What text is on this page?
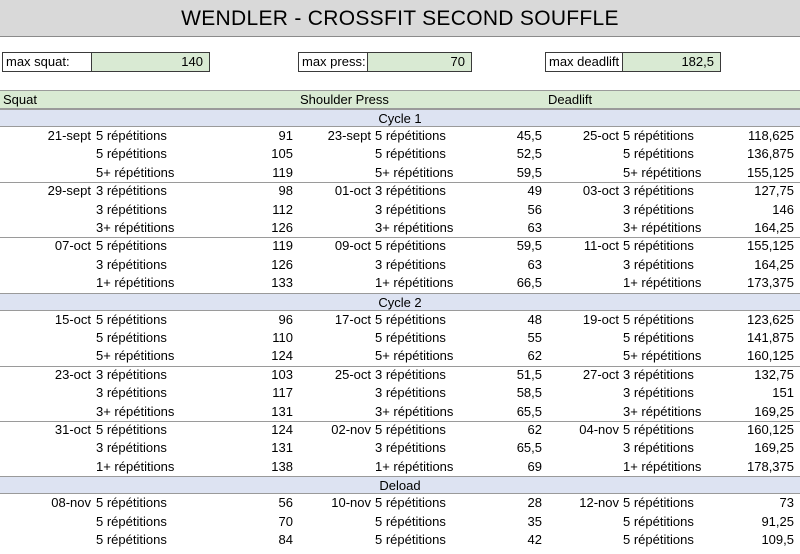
WENDLER - CROSSFIT SECOND SOUFFLE
max squat:	140	max press:	70	max deadlift	182,5
Squat	Shoulder Press	Deadlift
Cycle 1
21-sept 5 répétitions	91	23-sept 5 répétitions	45,5	25-oct 5 répétitions	118,625
5 répétitions	105	5 répétitions	52,5	5 répétitions	136,875
5+ répétitions	119	5+ répétitions	59,5	5+ répétitions	155,125
29-sept 3 répétitions	98	01-oct 3 répétitions	49	03-oct 3 répétitions	127,75
3 répétitions	112	3 répétitions	56	3 répétitions	146
3+ répétitions	126	3+ répétitions	63	3+ répétitions	164,25
07-oct 5 répétitions	119	09-oct 5 répétitions	59,5	11-oct 5 répétitions	155,125
3 répétitions	126	3 répétitions	63	3 répétitions	164,25
1+ répétitions	133	1+ répétitions	66,5	1+ répétitions	173,375
Cycle 2
15-oct 5 répétitions	96	17-oct 5 répétitions	48	19-oct 5 répétitions	123,625
5 répétitions	110	5 répétitions	55	5 répétitions	141,875
5+ répétitions	124	5+ répétitions	62	5+ répétitions	160,125
23-oct 3 répétitions	103	25-oct 3 répétitions	51,5	27-oct 3 répétitions	132,75
3 répétitions	117	3 répétitions	58,5	3 répétitions	151
3+ répétitions	131	3+ répétitions	65,5	3+ répétitions	169,25
31-oct 5 répétitions	124	02-nov 5 répétitions	62	04-nov 5 répétitions	160,125
3 répétitions	131	3 répétitions	65,5	3 répétitions	169,25
1+ répétitions	138	1+ répétitions	69	1+ répétitions	178,375
Deload
08-nov 5 répétitions	56	10-nov 5 répétitions	28	12-nov 5 répétitions	73
5 répétitions	70	5 répétitions	35	5 répétitions	91,25
5 répétitions	84	5 répétitions	42	5 répétitions	109,5
